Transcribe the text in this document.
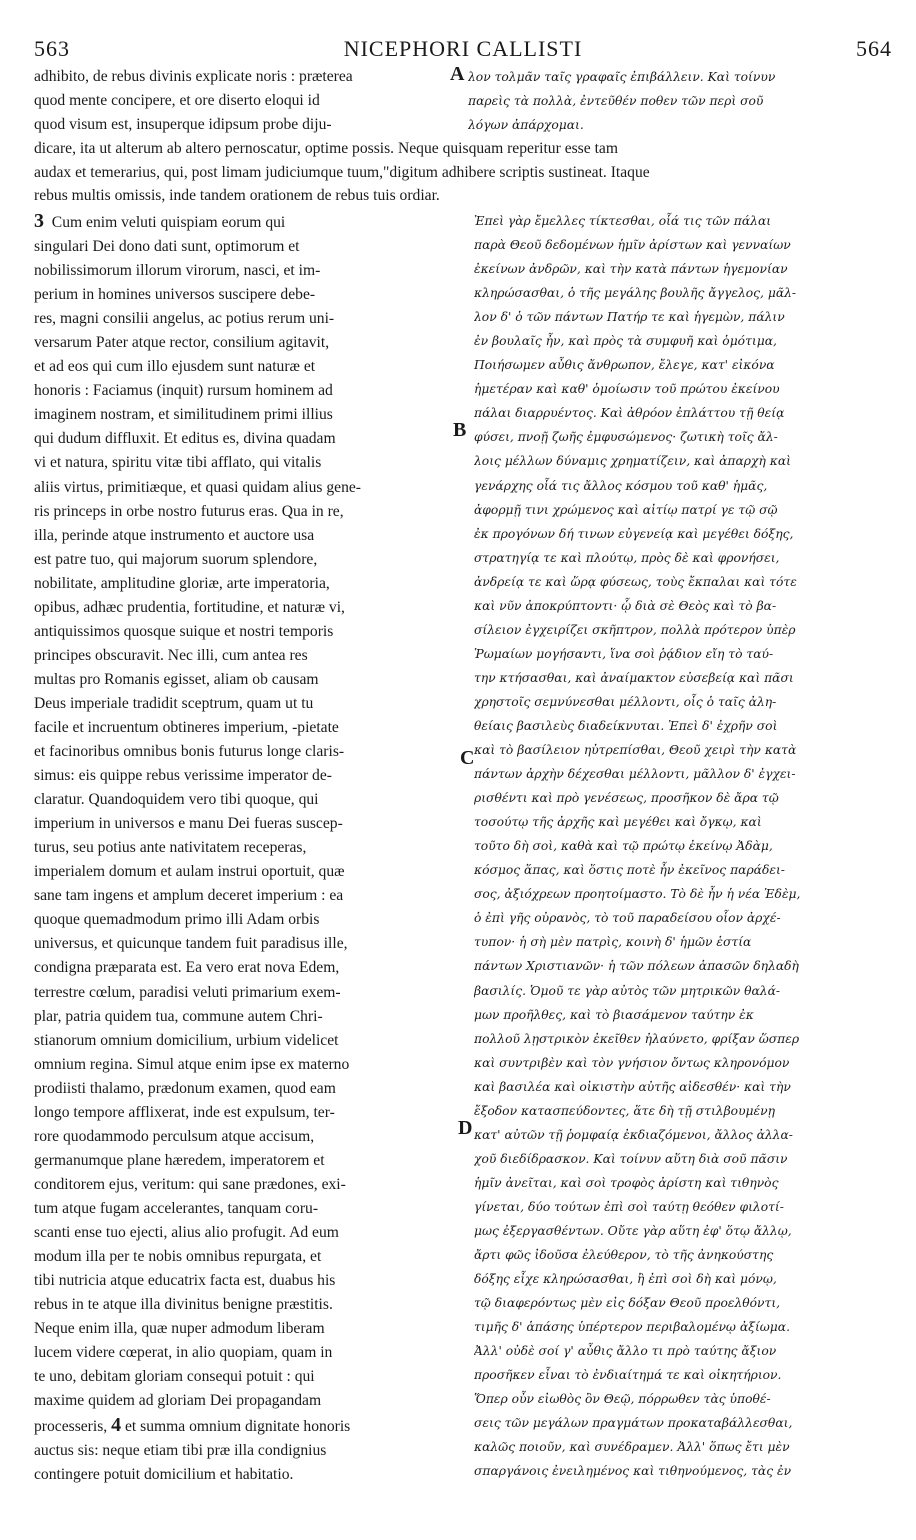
563	NICEPHORI CALLISTI	564
adhibito, de rebus divinis explicate noris : præterea
quod mente concipere, et ore diserto eloqui id
quod visum est, insuperque idipsum probe diju-
λον τολμᾶν ταῖς γραφαῖς ἐπιβάλλειν. Καὶ τοίνυν
παρεὶς τὰ πολλὰ, ἐντεῦθέν ποθεν τῶν περὶ σοῦ
λόγων ἀπάρχομαι.
dicare, ita ut alterum ab altero pernoscatur, optime possis. Neque quisquam reperitur esse tam
audax et temerarius, qui, post limam judiciumque tuum,"digitum adhibere scriptis sustineat. Itaque
rebus multis omissis, inde tandem orationem de rebus tuis ordiar.
3 Cum enim veluti quispiam eorum qui
singulari Dei dono dati sunt, optimorum et
nobilissimorum illorum virorum, nasci, et im-
perium in homines universos suscipere debe-
res, magni consilii angelus, ac potius rerum uni-
versarum Pater atque rector, consilium agitavit,
et ad eos qui cum illo ejusdem sunt naturæ et
honoris : Faciamus (inquit) rursum hominem ad
imaginem nostram, et similitudinem primi illius
qui dudum diffluxit. Et editus es, divina quadam
vi et natura, spiritu vitæ tibi afflato, qui vitalis
aliis virtus, primitiæque, et quasi quidam alius gene-
ris princeps in orbe nostro futurus eras. Qua in re,
illa, perinde atque instrumento et auctore usa
est patre tuo, qui majorum suorum splendore,
nobilitate, amplitudine gloriæ, arte imperatoria,
opibus, adhæc prudentia, fortitudine, et naturæ vi,
antiquissimos quosque suique et nostri temporis
principes obscuravit. Nec illi, cum antea res
multas pro Romanis egisset, aliam ob causam
Deus imperiale tradidit sceptrum, quam ut tu
facile et incruentum obtineres imperium, -pietate
et facinoribus omnibus bonis futurus longe claris-
simus: eis quippe rebus verissime imperator de-
claratur. Quandoquidem vero tibi quoque, qui
imperium in universos e manu Dei fueras suscep-
turus, seu potius ante nativitatem receperas,
imperialem domum et aulam instrui oportuit, quæ
sane tam ingens et amplum deceret imperium : ea
quoque quemadmodum primo illi Adam orbis
universus, et quicunque tandem fuit paradisus ille,
condigna præparata est. Ea vero erat nova Edem,
terrestre cœlum, paradisi veluti primarium exem-
plar, patria quidem tua, commune autem Chri-
stianorum omnium domicilium, urbium videlicet
omnium regina. Simul atque enim ipse ex materno
prodiisti thalamo, prædonum examen, quod eam
longo tempore afflixerat, inde est expulsum, ter-
rore quodammodo perculsum atque accisum,
germanumque plane hæredem, imperatorem et
conditorem ejus, veritum: qui sane prædones, exi-
tum atque fugam accelerantes, tanquam coru-
scanti ense tuo ejecti, alius alio profugit. Ad eum
modum illa per te nobis omnibus repurgata, et
tibi nutricia atque educatrix facta est, duabus his
rebus in te atque illa divinitus benigne præstitis.
Neque enim illa, quæ nuper admodum liberam
lucem videre cœperat, in alio quopiam, quam in
te uno, debitam gloriam consequi potuit : qui
maxime quidem ad gloriam Dei propagandam
processeris, 4 et summa omnium dignitate honoris
auctus sis: neque etiam tibi præ illa condignius
contingere potuit domicilium et habitatio.
Ἐπεὶ γὰρ ἔμελλες τίκτεσθαι, οἷά τις τῶν πάλαι
παρὰ Θεοῦ δεδομένων ἡμῖν ἀρίστων καὶ γενναίων
ἐκείνων ἀνδρῶν, καὶ τὴν κατὰ πάντων ἡγεμονίαν
κληρώσασθαι, ὁ τῆς μεγάλης βουλῆς ἄγγελος, μᾶλ-
λον δ' ὁ τῶν πάντων Πατήρ τε καὶ ἡγεμὼν, πάλιν
ἐν βουλαῖς ἦν, καὶ πρὸς τὰ συμφυῆ καὶ ὁμότιμα,
Ποιήσωμεν αὖθις ἄνθρωπον, ἔλεγε, κατ' εἰκόνα
ἡμετέραν καὶ καθ' ὁμοίωσιν τοῦ πρώτου ἐκείνου
πάλαι διαρρυέντος. Καὶ ἀθρόον ἐπλάττου τῇ θείᾳ
φύσει, πνοῇ ζωῆς ἐμφυσώμενος· ζωτικὴ τοῖς ἄλ-
λοις μέλλων δύναμις χρηματίζειν, καὶ ἀπαρχὴ καὶ
γενάρχης οἷά τις ἄλλος κόσμου τοῦ καθ' ἡμᾶς,
ἀφορμῇ τινι χρώμενος καὶ αἰτίῳ πατρί γε τῷ σῷ
ἐκ προγόνων δή τινων εὐγενείᾳ καὶ μεγέθει δόξης,
στρατηγίᾳ τε καὶ πλούτῳ, πρὸς δὲ καὶ φρονήσει,
ἀνδρείᾳ τε καὶ ὥρᾳ φύσεως, τοὺς ἔκπαλαι καὶ τότε
καὶ νῦν ἀποκρύπτοντι· ᾧ διὰ σὲ Θεὸς καὶ τὸ βα-
σίλειον ἐγχειρίζει σκῆπτρον, πολλὰ πρότερον ὑπὲρ
Ῥωμαίων μογήσαντι, ἵνα σοὶ ῥᾴδιον εἴη τὸ ταύ-
την κτήσασθαι, καὶ ἀναίμακτον εὐσεβείᾳ καὶ πᾶσι
χρηστοῖς σεμνύνεσθαι μέλλοντι, οἷς ὁ ταῖς ἀλη-
θείαις βασιλεὺς διαδείκνυται. Ἐπεὶ δ' ἐχρῆν σοὶ
καὶ τὸ βασίλειον ηὐτρεπίσθαι, Θεοῦ χειρὶ τὴν κατὰ
πάντων ἀρχὴν δέχεσθαι μέλλοντι, μᾶλλον δ' ἐγχει-
ρισθέντι καὶ πρὸ γενέσεως, προσῆκον δὲ ἄρα τῷ
τοσούτῳ τῆς ἀρχῆς καὶ μεγέθει καὶ ὄγκῳ, καὶ
τοῦτο δὴ σοὶ, καθὰ καὶ τῷ πρώτῳ ἐκείνῳ Ἀδὰμ,
κόσμος ἅπας, καὶ ὅστις ποτὲ ἦν ἐκεῖνος παράδει-
σος, ἀξιόχρεων προητοίμαστο. Τὸ δὲ ἦν ἡ νέα Ἐδὲμ,
ὁ ἐπὶ γῆς οὐρανὸς, τὸ τοῦ παραδείσου οἷον ἀρχέ-
τυπον· ἡ σὴ μὲν πατρὶς, κοινὴ δ' ἡμῶν ἑστία
πάντων Χριστιανῶν· ἡ τῶν πόλεων ἁπασῶν δηλαδὴ
βασιλίς. Ὁμοῦ τε γὰρ αὐτὸς τῶν μητρικῶν θαλά-
μων προῆλθες, καὶ τὸ βιασάμενον ταύτην ἐκ
πολλοῦ λῃστρικὸν ἐκεῖθεν ἠλαύνετο, φρίξαν ὥσπερ
καὶ συντριβὲν καὶ τὸν γνήσιον ὄντως κληρονόμον
καὶ βασιλέα καὶ οἰκιστὴν αὐτῆς αἰδεσθέν· καὶ τὴν
ἔξοδον κατασπεύδοντες, ἅτε δὴ τῇ στιλβουμένῃ
κατ' αὐτῶν τῇ ῥομφαίᾳ ἐκδιαζόμενοι, ἄλλος ἀλλα-
χοῦ διεδίδρασκον. Καὶ τοίνυν αὕτη διὰ σοῦ πᾶσιν
ἡμῖν ἀνεῖται, καὶ σοὶ τροφὸς ἀρίστη καὶ τιθηνὸς
γίνεται, δύο τούτων ἐπὶ σοὶ ταύτῃ θεόθεν φιλοτί-
μως ἐξεργασθέντων. Οὔτε γὰρ αὕτη ἐφ' ὅτῳ ἄλλῳ,
ἄρτι φῶς ἰδοῦσα ἐλεύθερον, τὸ τῆς ἀνηκούστης
δόξης εἶχε κληρώσασθαι, ἢ ἐπὶ σοὶ δὴ καὶ μόνῳ,
τῷ διαφερόντως μὲν εἰς δόξαν Θεοῦ προελθόντι,
τιμῆς δ' ἁπάσης ὑπέρτερον περιβαλομένῳ ἀξίωμα.
Ἀλλ' οὐδὲ σοί γ' αὖθις ἄλλο τι πρὸ ταύτης ἄξιον
προσῆκεν εἶναι τὸ ἐνδιαίτημά τε καὶ οἰκητήριον.
Ὅπερ οὖν εἰωθὸς ὂν Θεῷ, πόρρωθεν τὰς ὑποθέ-
σεις τῶν μεγάλων πραγμάτων προκαταβάλλεσθαι,
καλῶς ποιοῦν, καὶ συνέδραμεν. Ἀλλ' ὅπως ἔτι μὲν
σπαργάνοις ἐνειλημένος καὶ τιθηνούμενος, τὰς ἐν
A
B
C
D
